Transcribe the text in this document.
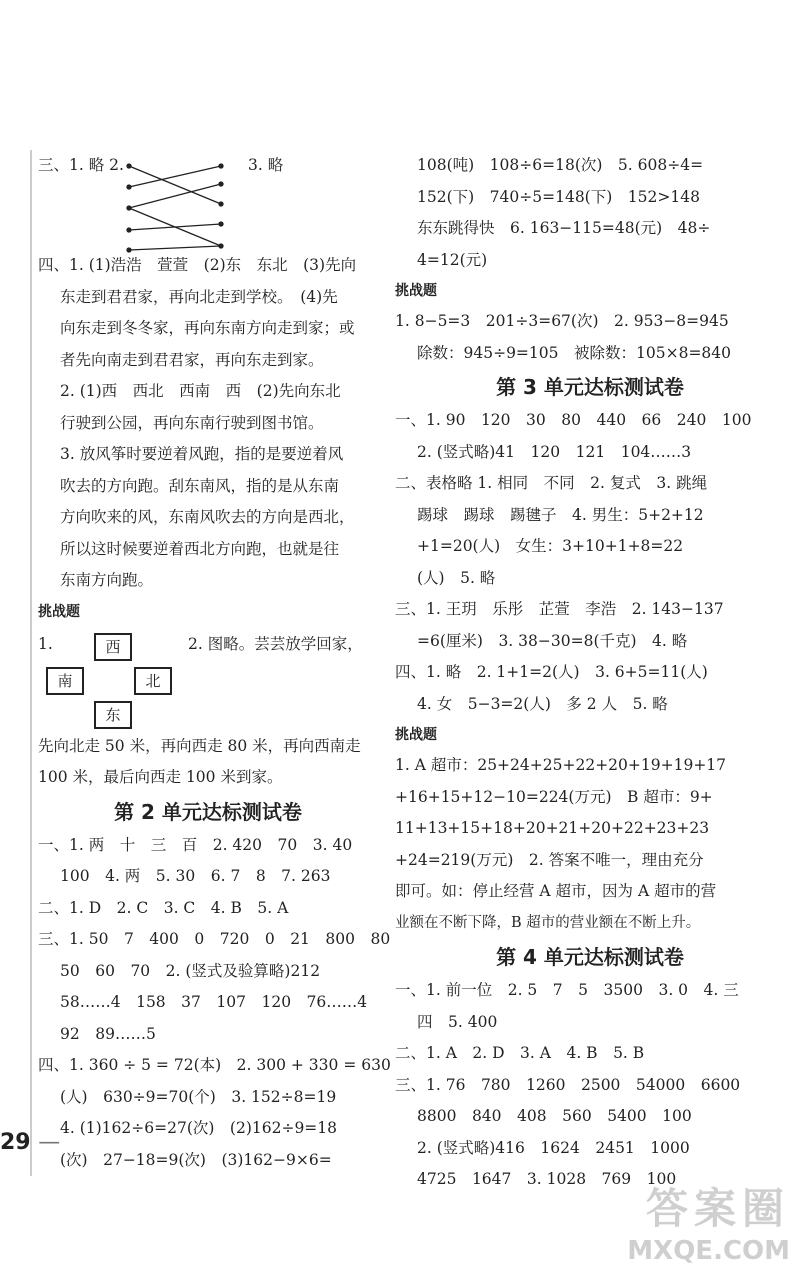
三、1. 略 2.	3. 略
四、1. (1)浩浩　萱萱　(2)东　东北　(3)先向
东走到君君家，再向北走到学校。　(4)先
向东走到冬冬家，再向东南方向走到家；或
者先向南走到君君家，再向东走到家。
2. (1)西　西北　西南　西　(2)先向东北
行驶到公园，再向东南行驶到图书馆。
3. 放风筝时要逆着风跑，指的是要逆着风
吹去的方向跑。刮东南风，指的是从东南
方向吹来的风，东南风吹去的方向是西北，
所以这时候要逆着西北方向跑，也就是往
东南方向跑。
挑战题
1.	西
南	北
东
2. 图略。芸芸放学回家，
先向北走 50 米，再向西走 80 米，再向西南走
100 米，最后向西走 100 米到家。
第 2 单元达标测试卷
一、1. 两　十　三　百　2. 420　70　3. 40
100　4. 两　5. 30　6. 7　8　7. 263
二、1. D　2. C　3. C　4. B　5. A
三、1. 50　7　400　0　720　0　21　800　80
50　60　70　2. (竖式及验算略)212
58……4　158　37　107　120　76……4
92　89……5
四、1. 360 ÷ 5 = 72(本)　2. 300 + 330 = 630
(人)　630÷9=70(个)　3. 152÷8=19
4. (1)162÷6=27(次)　(2)162÷9=18
(次)　27−18=9(次)　(3)162−9×6=
29 —
108(吨)　108÷6=18(次)　5. 608÷4=
152(下)　740÷5=148(下)　152>148
东东跳得快　6. 163−115=48(元)　48÷
4=12(元)
挑战题
1. 8−5=3　201÷3=67(次)　2. 953−8=945
除数：945÷9=105　被除数：105×8=840
第 3 单元达标测试卷
一、1. 90　120　30　80　440　66　240　100
2. (竖式略)41　120　121　104……3
二、表格略 1. 相同　不同　2. 复式　3. 跳绳
踢球　踢球　踢毽子　4. 男生：5+2+12
+1=20(人)　女生：3+10+1+8=22
(人)　5. 略
三、1. 王玥　乐彤　芷萱　李浩　2. 143−137
=6(厘米)　3. 38−30=8(千克)　4. 略
四、1. 略　2. 1+1=2(人)　3. 6+5=11(人)
4. 女　5−3=2(人)　多 2 人　5. 略
挑战题
1. A 超市：25+24+25+22+20+19+19+17
+16+15+12−10=224(万元)　B 超市：9+
11+13+15+18+20+21+20+22+23+23
+24=219(万元)　2. 答案不唯一，理由充分
即可。如：停止经营 A 超市，因为 A 超市的营
业额在不断下降，B 超市的营业额在不断上升。
第 4 单元达标测试卷
一、1. 前一位　2. 5　7　5　3500　3. 0　4. 三
四　5. 400
二、1. A　2. D　3. A　4. B　5. B
三、1. 76　780　1260　2500　54000　6600
8800　840　408　560　5400　100
2. (竖式略)416　1624　2451　1000
4725　1647　3. 1028　769　100
答案圈
MXQE.COM
